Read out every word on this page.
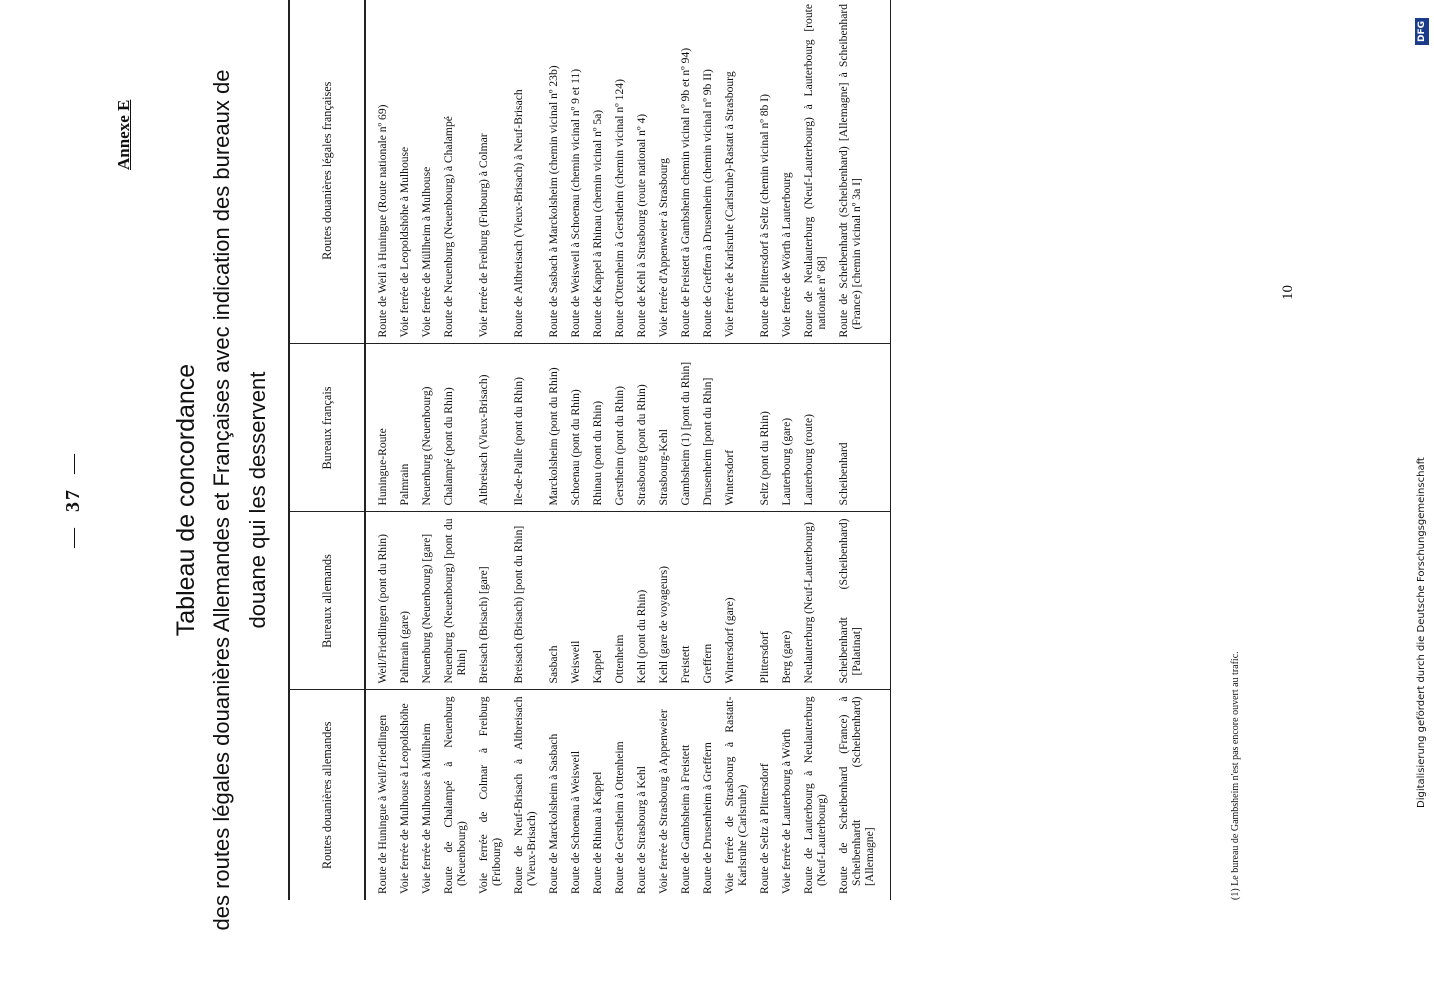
—37—
Annexe E
Tableau de concordance des routes légales douanières Allemandes et Françaises avec indication des bureaux de douane qui les desservent
Routes douanières allemandes	Bureaux allemands	Bureaux français	Routes douanières légales françaises
Route de Huningue à Weil/Friedlingen	Weil/Friedlingen (pont du Rhin)	Huningue-Route	Route de Weil à Huningue (Route nationale nº 69)
Voie ferrée de Mulhouse à Leopoldshöhe	Palmrain (gare)	Palmrain	Voie ferrée de Leopoldshöhe à Mulhouse
Voie ferrée de Mulhouse à Müllheim	Neuenburg (Neuenbourg) [gare]	Neuenburg (Neuenbourg)	Voie ferrée de Müllheim à Mulhouse
Route de Chalampé à Neuenburg (Neuenbourg)	Neuenburg (Neuenbourg) [pont du Rhin]	Chalampé (pont du Rhin)	Route de Neuenburg (Neuenbourg) à Chalampé
Voie ferrée de Colmar à Freiburg (Fribourg)	Breisach (Brisach) [gare]	Altbreisach (Vieux-Brisach)	Voie ferrée de Freiburg (Fribourg) à Colmar
Route de Neuf-Brisach à Altbreisach (Vieux-Brisach)	Breisach (Brisach) [pont du Rhin]	Ile-de-Paille (pont du Rhin)	Route de Altbreisach (Vieux-Brisach) à Neuf-Brisach
Route de Marckolsheim à Sasbach	Sasbach	Marckolsheim (pont du Rhin)	Route de Sasbach à Marckolsheim (chemin vicinal nº 23b)
Route de Schoenau à Weisweil	Weisweil	Schoenau (pont du Rhin)	Route de Weisweil à Schoenau (chemin vicinal nº 9 et 11)
Route de Rhinau à Kappel	Kappel	Rhinau (pont du Rhin)	Route de Kappel à Rhinau (chemin vicinal nº 5a)
Route de Gerstheim à Ottenheim	Ottenheim	Gerstheim (pont du Rhin)	Route d'Ottenheim à Gerstheim (chemin vicinal nº 124)
Route de Strasbourg à Kehl	Kehl (pont du Rhin)	Strasbourg (pont du Rhin)	Route de Kehl à Strasbourg (route national nº 4)
Voie ferrée de Strasbourg à Appenweier	Kehl (gare de voyageurs)	Strasbourg-Kehl	Voie ferrée d'Appenweier à Strasbourg
Route de Gambsheim à Freistett	Freistett	Gambsheim (1) [pont du Rhin]	Route de Freistett à Gambsheim chemin vicinal nº 9b et nº 94)
Route de Drusenheim à Greffern	Greffern	Drusenheim [pont du Rhin]	Route de Greffern à Drusenheim (chemin vicinal nº 9b II)
Voie ferrée de Strasbourg à Rastatt-Karlsruhe (Carlsruhe)	Wintersdorf (gare)	Wintersdorf	Voie ferrée de Karlsruhe (Carlsruhe)-Rastatt à Strasbourg
Route de Seltz à Plittersdorf	Plittersdorf	Seltz (pont du Rhin)	Route de Plittersdorf à Seltz (chemin vicinal nº 8b I)
Voie ferrée de Lauterbourg à Wörth	Berg (gare)	Lauterbourg (gare)	Voie ferrée de Wörth à Lauterbourg
Route de Lauterbourg à Neulauterburg (Neuf-Lauterbourg)	Neulauterburg (Neuf-Lauterbourg)	Lauterbourg (route)	Route de Neulauterburg (Neuf-Lauterbourg) à Lauterbourg [route nationale nº 68]
Route de Scheibenhard (France) à Scheibenhardt (Scheibenhard) [Allemagne]	Scheibenhardt (Scheibenhard) [Palatinat]	Scheibenhard	Route de Scheibenhardt (Scheibenhard) [Allemagne] à Scheibenhard (France) [chemin vicinal nº 3a I]
(1) Le bureau de Gambsheim n'est pas encore ouvert au trafic.
10
Digitalisierung gefördert durch die Deutsche Forschungsgemeinschaft
DFG
